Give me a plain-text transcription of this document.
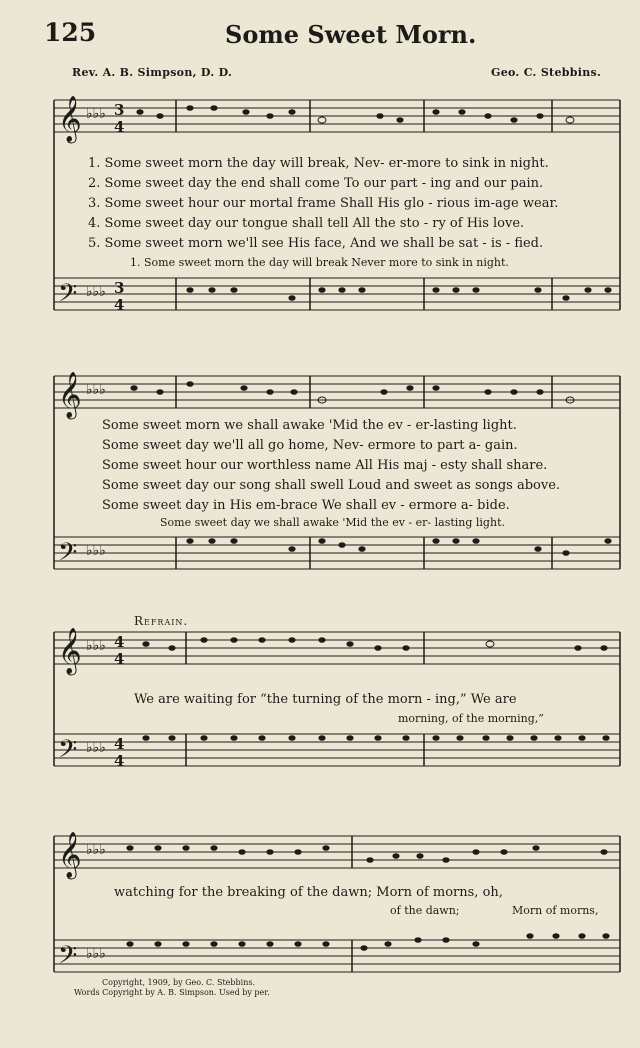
125	Some Sweet Morn.
Rev. A. B. Simpson, D. D.	Geo. C. Stebbins.
𝄞
𝄢
𝄞
𝄢
𝄞
𝄢
𝄞
𝄢
♭♭♭
♭♭♭
♭♭♭
♭♭♭
♭♭♭
♭♭♭
♭♭♭
♭♭♭
3
4
3
4
4
4
4
4
1. Some sweet morn the day will break, Nev- er-more to sink in night.
2. Some sweet day the end shall come To our part - ing and our pain.
3. Some sweet hour our mortal frame Shall His glo - rious im-age wear.
4. Some sweet day our tongue shall tell All the sto - ry of His love.
5. Some sweet morn we'll see His face, And we shall be sat - is - fied.
1. Some sweet morn the day will break Never more to sink in night.
Some sweet morn we shall awake 'Mid the ev - er-lasting light.
Some sweet day we'll all go home, Nev- ermore to part a- gain.
Some sweet hour our worthless name All His maj - esty shall share.
Some sweet day our song shall swell Loud and sweet as songs above.
Some sweet day in His em-brace We shall ev - ermore a- bide.
Some sweet day we shall awake 'Mid the ev - er- lasting light.
Refrain.
We are waiting for “the turning of the morn - ing,” We are
morning, of the morning,”
watching for the breaking of the dawn; Morn of morns, oh,
of the dawn;	Morn of morns,
Copyright, 1909, by Geo. C. Stebbins.
Words Copyright by A. B. Simpson. Used by per.
